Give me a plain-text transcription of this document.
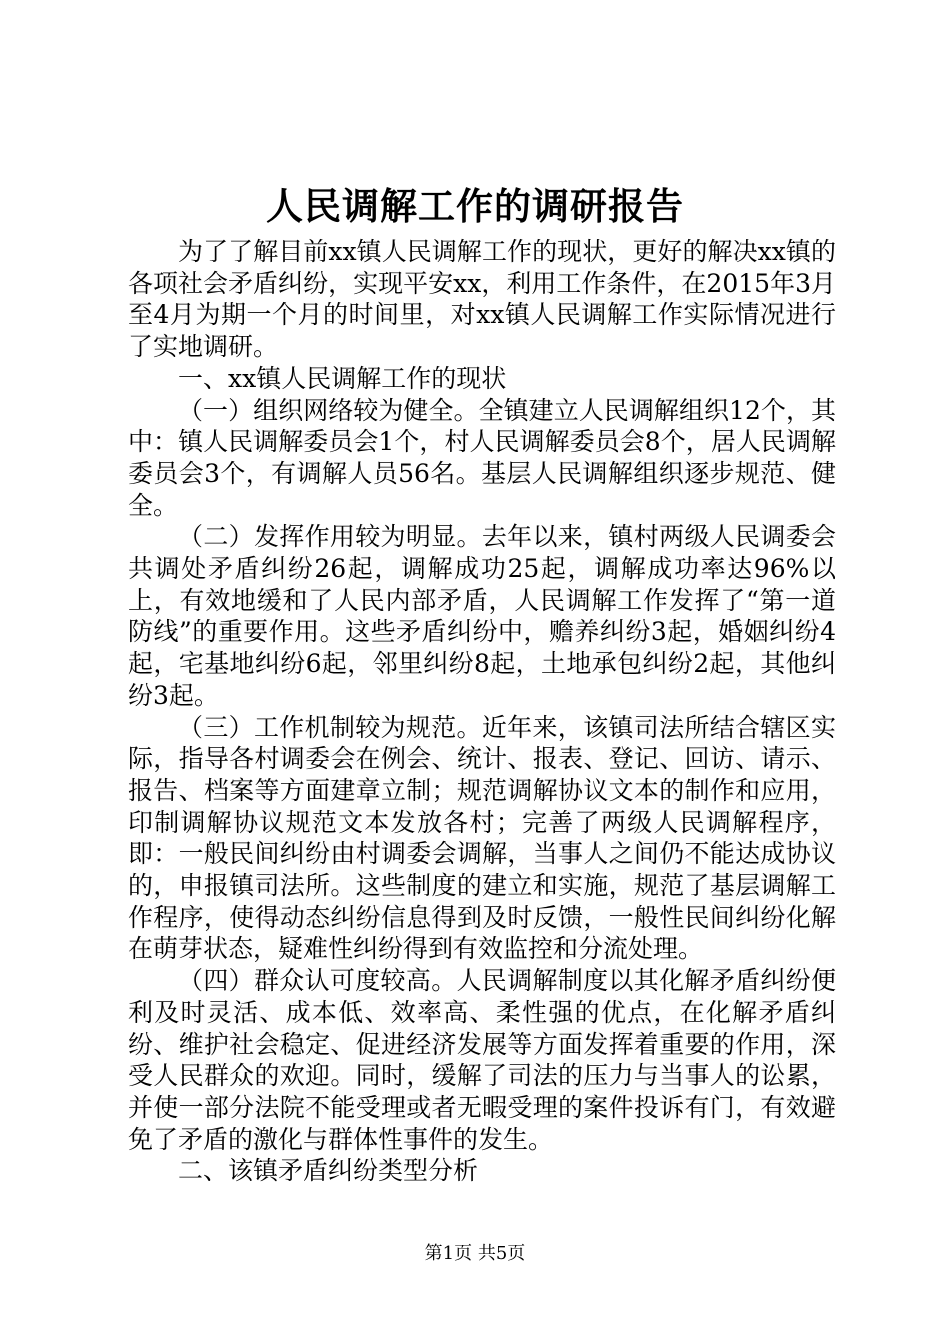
人民调解工作的调研报告

为了了解目前xx镇人民调解工作的现状，更好的解决xx镇的各项社会矛盾纠纷，实现平安xx，利用工作条件，在2015年3月至4月为期一个月的时间里，对xx镇人民调解工作实际情况进行了实地调研。

一、xx镇人民调解工作的现状

（一）组织网络较为健全。全镇建立人民调解组织12个，其中：镇人民调解委员会1个，村人民调解委员会8个，居人民调解委员会3个，有调解人员56名。基层人民调解组织逐步规范、健全。

（二）发挥作用较为明显。去年以来，镇村两级人民调委会共调处矛盾纠纷26起，调解成功25起，调解成功率达96%以上，有效地缓和了人民内部矛盾，人民调解工作发挥了“第一道防线”的重要作用。这些矛盾纠纷中，赡养纠纷3起，婚姻纠纷4起，宅基地纠纷6起，邻里纠纷8起，土地承包纠纷2起，其他纠纷3起。

（三）工作机制较为规范。近年来，该镇司法所结合辖区实际，指导各村调委会在例会、统计、报表、登记、回访、请示、报告、档案等方面建章立制；规范调解协议文本的制作和应用，印制调解协议规范文本发放各村；完善了两级人民调解程序，即：一般民间纠纷由村调委会调解，当事人之间仍不能达成协议的，申报镇司法所。这些制度的建立和实施，规范了基层调解工作程序，使得动态纠纷信息得到及时反馈，一般性民间纠纷化解在萌芽状态，疑难性纠纷得到有效监控和分流处理。

（四）群众认可度较高。人民调解制度以其化解矛盾纠纷便利及时灵活、成本低、效率高、柔性强的优点，在化解矛盾纠纷、维护社会稳定、促进经济发展等方面发挥着重要的作用，深受人民群众的欢迎。同时，缓解了司法的压力与当事人的讼累，并使一部分法院不能受理或者无暇受理的案件投诉有门，有效避免了矛盾的激化与群体性事件的发生。

二、该镇矛盾纠纷类型分析

第1页 共5页
